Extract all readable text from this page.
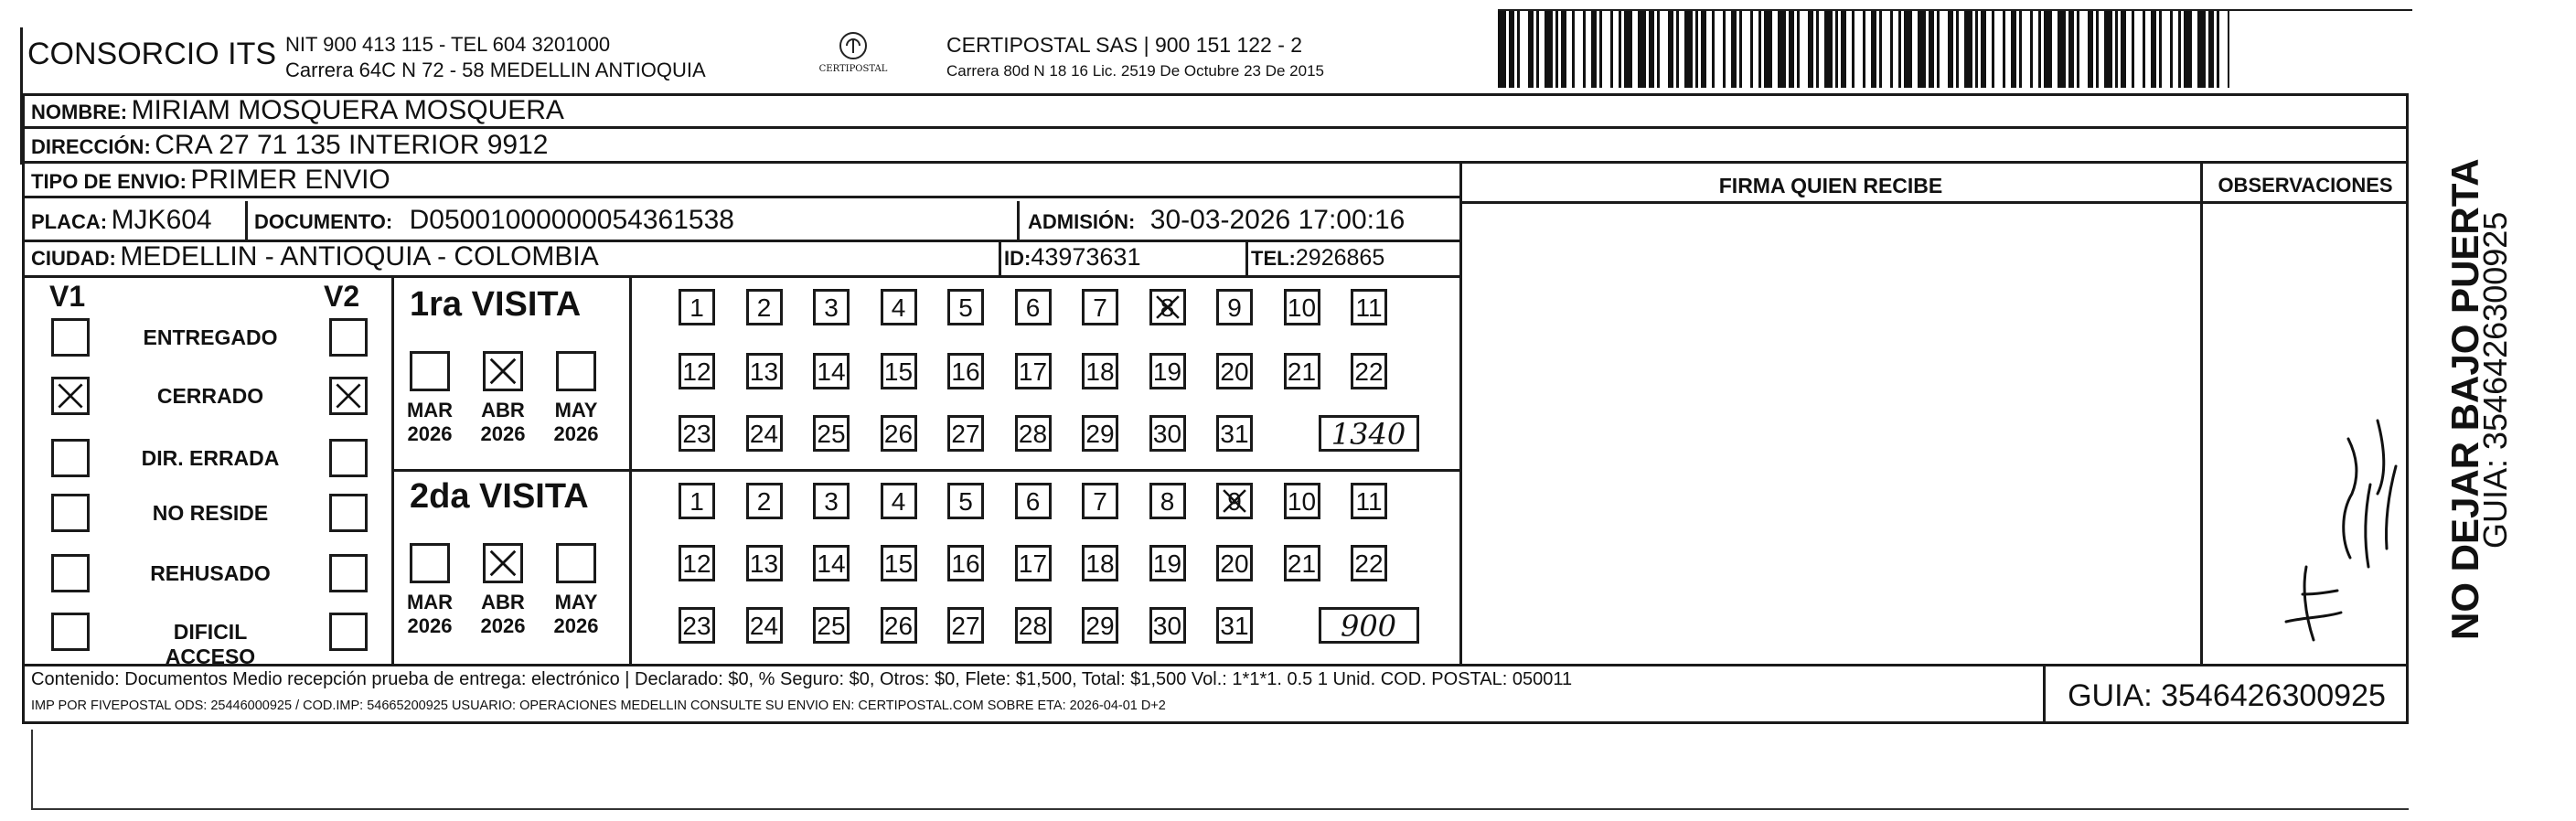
CONSORCIO ITS NIT 900 413 115 - TEL 604 3201000
Carrera 64C N 72 - 58 MEDELLIN ANTIOQUIA	CERTIPOSTAL
CERTIPOSTAL SAS | 900 151 122 - 2
Carrera 80d N 18 16 Lic. 2519 De Octubre 23 De 2015
NOMBRE: MIRIAM MOSQUERA MOSQUERA
DIRECCIÓN: CRA 27 71 135 INTERIOR 9912
TIPO DE ENVIO: PRIMER ENVIO
PLACA: MJK604 DOCUMENTO: D05001000000054361538	ADMISIÓN: 30-03-2026 17:00:16
CIUDAD: MEDELLIN - ANTIOQUIA - COLOMBIA	ID:43973631	TEL:2926865
FIRMA QUIEN RECIBE	OBSERVACIONES
V1	V2
ENTREGADO
CERRADO
DIR. ERRADA
NO RESIDE
REHUSADO
DIFICIL ACCESO
1ra VISITA
MAR
2026
ABR
2026
MAY
2026
1	2	3	4	5	6	7	8	9	10 11
12 13 14 15 16 17 18 19 20 21 22
23 24 25 26 27 28 29 30 31	1340
2da VISITA
MAR
2026
ABR
2026
MAY
2026
1	2	3	4	5	6	7	8	9	10 11
12 13 14 15 16 17 18 19 20 21 22
23 24 25 26 27 28 29 30 31	900
Contenido: Documentos Medio recepción prueba de entrega: electrónico | Declarado: $0, % Seguro: $0, Otros: $0, Flete: $1,500, Total: $1,500 Vol.: 1*1*1. 0.5 1 Unid. COD. POSTAL: 050011
IMP POR FIVEPOSTAL ODS: 25446000925 / COD.IMP: 54665200925 USUARIO: OPERACIONES MEDELLIN CONSULTE SU ENVIO EN: CERTIPOSTAL.COM SOBRE ETA: 2026-04-01 D+2	GUIA: 3546426300925
NO DEJAR BAJO PUERTA
GUIA: 3546426300925
